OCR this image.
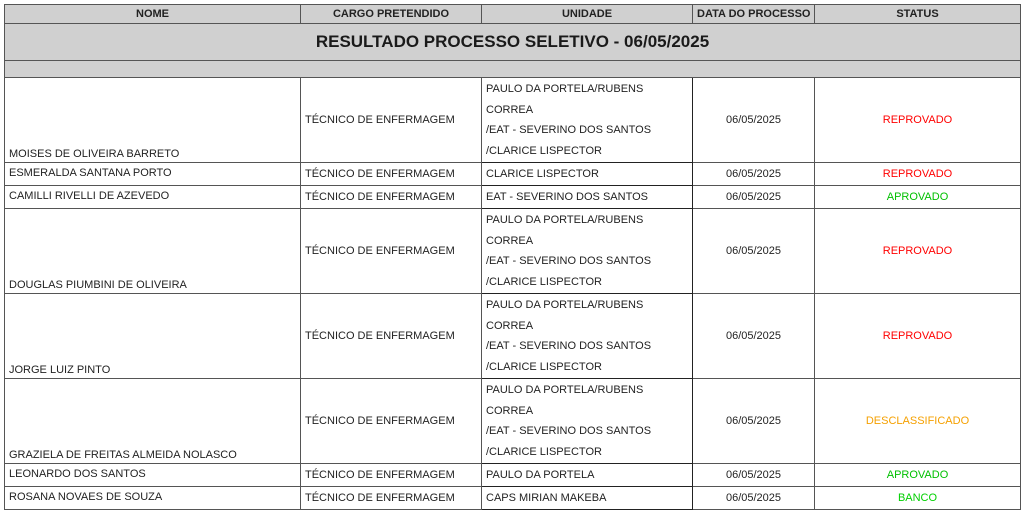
RESULTADO PROCESSO SELETIVO - 06/05/2025				

NOME	CARGO PRETENDIDO	UNIDADE	DATA DO PROCESSO	STATUS
MOISES DE OLIVEIRA BARRETO	TÉCNICO DE ENFERMAGEM	PAULO DA PORTELA/RUBENS
CORREA
/EAT - SEVERINO DOS SANTOS
/CLARICE LISPECTOR	06/05/2025	REPROVADO
ESMERALDA SANTANA PORTO	TÉCNICO DE ENFERMAGEM	CLARICE LISPECTOR	06/05/2025	REPROVADO
CAMILLI RIVELLI DE AZEVEDO	TÉCNICO DE ENFERMAGEM	EAT - SEVERINO DOS SANTOS	06/05/2025	APROVADO
DOUGLAS PIUMBINI DE OLIVEIRA	TÉCNICO DE ENFERMAGEM	PAULO DA PORTELA/RUBENS
CORREA
/EAT - SEVERINO DOS SANTOS
/CLARICE LISPECTOR	06/05/2025	REPROVADO
JORGE LUIZ PINTO	TÉCNICO DE ENFERMAGEM	PAULO DA PORTELA/RUBENS
CORREA
/EAT - SEVERINO DOS SANTOS
/CLARICE LISPECTOR	06/05/2025	REPROVADO
GRAZIELA DE FREITAS ALMEIDA NOLASCO	TÉCNICO DE ENFERMAGEM	PAULO DA PORTELA/RUBENS
CORREA
/EAT - SEVERINO DOS SANTOS
/CLARICE LISPECTOR	06/05/2025	DESCLASSIFICADO
LEONARDO DOS SANTOS	TÉCNICO DE ENFERMAGEM	PAULO DA PORTELA	06/05/2025	APROVADO
ROSANA NOVAES DE SOUZA	TÉCNICO DE ENFERMAGEM	CAPS MIRIAN MAKEBA	06/05/2025	BANCO
